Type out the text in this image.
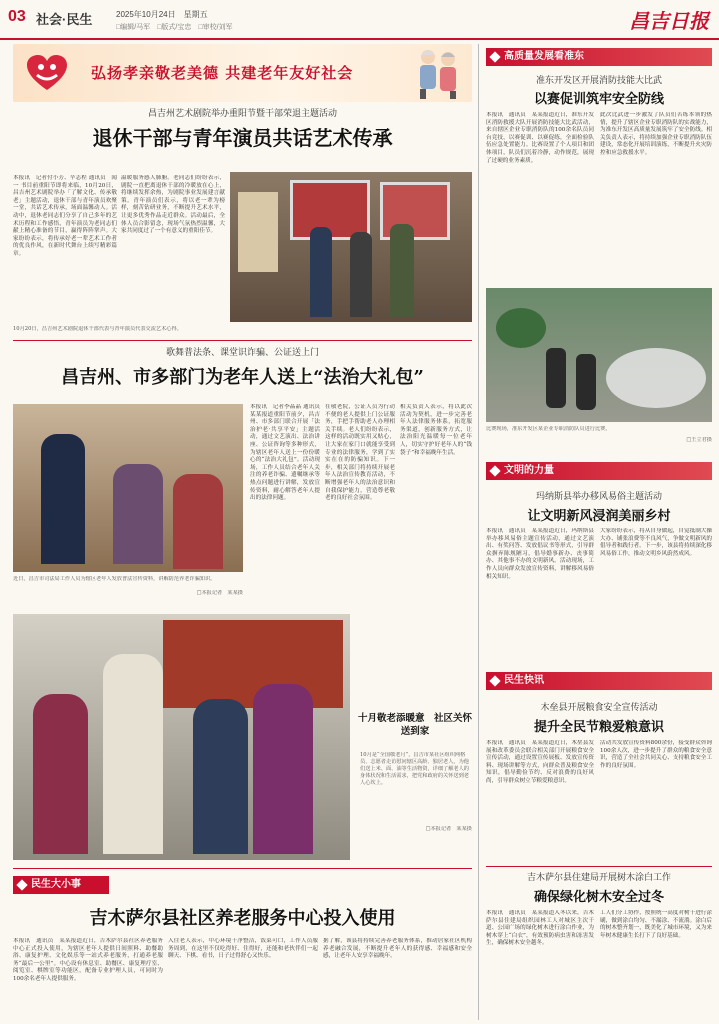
03 社会·民生	2025年10月24日　星期五
□编辑/马军　□版式/宝忠　□审校/刘军	昌吉日报
弘扬孝亲敬老美德 共建老年友好社会
昌吉州艺术剧院举办重阳节暨干部荣退主题活动
退休干部与青年演员共话艺术传承
本报讯　记者付小芳、辛志程 通讯员　闻一 书目前重阳节即将来临，10月20日，昌吉州艺术剧院举办「了解文化、传承敬老」主题活动，退休干部与青年演员欢聚一堂，共话艺术传承，场面温馨动人。活动中，退休老同志们分享了自己多年的艺术历程和工作感悟，青年演员为老同志们献上精心准备的节目，赢得阵阵掌声。大家纷纷表示，将传承好老一辈艺术工作者的优良作风，在新时代舞台上续写精彩篇章。
温暖服务感人肺腑。老同志们纷纷表示，剧院一直把离退休干部的冷暖放在心上，将继续发挥余热，为剧院事业发展建言献策。青年演员们表示，将以老一辈为榜样，刻苦钻研业务，不断提升艺术水平，让更多优秀作品走近群众。活动最后，全体人员合影留念，现场气氛热烈温馨，大家共同度过了一个有意义的重阳佳节。
10月20日，昌吉州艺术剧院退休干部代表与青年演员代表交流艺术心得。
□本报记者　付小芳摄
歌舞普法条、课堂识诈骗、公证送上门
昌吉州、市多部门为老年人送上“法治大礼包”
近日，昌吉市司法局工作人员为辖区老年人发放普法宣传资料，讲解防范养老诈骗知识。
□本报记者　某某摄
本报讯　记者李晶晶 通讯员 某某报道重阳节前夕，昌吉州、市多部门联合开展「法治护老·共享平安」主题活动，通过文艺演出、法治讲座、公证咨询等多种形式，为辖区老年人送上一份份暖心的“法治大礼包”。活动现场，工作人员结合老年人关注的养老诈骗、遗嘱继承等热点问题进行讲解，发放宣传资料，耐心解答老年人提出的法律问题。
在敬老院，公证人员为行动不便的老人提供上门公证服务，手把手帮助老人办理相关手续。老人们纷纷表示，这样的活动既实用又贴心，让大家在家门口就能享受到专业的法律服务，学到了实实在在的防骗知识。下一步，相关部门将持续开展老年人法治宣传教育活动，不断增强老年人的法治意识和自我保护能力，营造尊老敬老的良好社会氛围。
相关负责人表示，将以此次活动为契机，进一步完善老年人法律服务体系，拓宽服务渠道，创新服务方式，让法治阳光温暖每一位老年人，切实守护好老年人的“钱袋子”和幸福晚年生活。
十月敬老添暖意　社区关怀送到家
10月是“全国敬老月”，昌吉市某社区组织网格员、志愿者走访慰问辖区高龄、独居老人，为他们送上米、面、油等生活物资，详细了解老人的身体状况和生活需求，把党和政府的关怀送到老人心坎上。
□本报记者　某某摄
民生大小事
吉木萨尔县社区养老服务中心投入使用
本报讯　通讯员　某某报道近日，吉木萨尔县社区养老服务中心正式投入使用，为辖区老年人提供日间照料、助餐助浴、康复护理、文化娱乐等一站式养老服务，打通养老服务“最后一公里”。中心设有休息室、助餐区、康复理疗室、阅览室、棋牌室等功能区，配备专业护理人员，可同时为100余名老年人提供服务。
入住老人表示，中心环境干净整洁，饭菜可口，工作人员服务周到，在这里不仅吃得好、住得好，还能和老伙伴们一起聊天、下棋、看书，日子过得舒心又快乐。
据了解，该县将持续完善养老服务体系，推动居家社区机构养老融合发展，不断提升老年人的获得感、幸福感和安全感，让老年人安享幸福晚年。
高质量发展看准东
准东开发区开展消防技能大比武
以赛促训筑牢安全防线
本报讯　通讯员　某某报道近日，准东开发区消防救援大队开展消防技能大比武活动，来自辖区企业专职消防队的100余名队员同台竞技，以赛促训、以赛促练，全面检验队伍应急处置能力。比赛设置了个人项目和团体项目，队员们沉着冷静，动作规范，展现了过硬的业务素质。
此次比武进一步激发了队员们苦练本领的热情，提升了辖区企业专职消防队的实战能力，为准东开发区高质量发展筑牢了安全防线。相关负责人表示，将持续加强企业专职消防队伍建设，常态化开展培训演练，不断提升火灾防控和应急救援水平。
比赛现场，准东开发区某企业专职消防队员进行比赛。
□王立君摄
文明的力量
玛纳斯县举办移风易俗主题活动
让文明新风浸润美丽乡村
本报讯　通讯员　某某报道近日，玛纳斯县举办移风易俗主题宣传活动，通过文艺演出、有奖问答、发放倡议书等形式，引导群众摒弃陈规陋习，倡导婚事新办、丧事简办、其他事不办的文明新风。活动现场，工作人员向群众发放宣传资料，讲解移风易俗相关知识。
大家纷纷表示，将从自身做起，自觉抵制大操大办、铺张浪费等不良风气，争做文明新风的倡导者和践行者。下一步，该县将持续深化移风易俗工作，推动文明乡风蔚然成风。
民生快讯
木垒县开展粮食安全宣传活动
提升全民节粮爱粮意识
本报讯　通讯员　某某报道近日，木垒县发展和改革委员会联合相关部门开展粮食安全宣传活动，通过设置宣传展板、发放宣传资料、现场讲解等方式，向群众普及粮食安全知识，倡导勤俭节约、反对浪费的良好风尚，引导群众树立节粮爱粮意识。
活动共发放宣传资料800余份，接受群众咨询100余人次，进一步提升了群众的粮食安全意识，营造了全社会共同关心、支持粮食安全工作的良好氛围。
吉木萨尔县住建局开展树木涂白工作
确保绿化树木安全过冬
本报讯　通讯员　某某报道入冬以来，吉木萨尔县住建局组织园林工人对城区主次干道、公园广场的绿化树木进行涂白作业，为树木穿上“白衣”，有效预防病虫害和冻害发生，确保树木安全越冬。
工人们分工协作，按照统一高度对树干进行涂刷，做到涂白均匀、不漏涂、不流淌。涂白后的树木整齐划一，既美化了城市环境，又为来年树木健康生长打下了良好基础。
